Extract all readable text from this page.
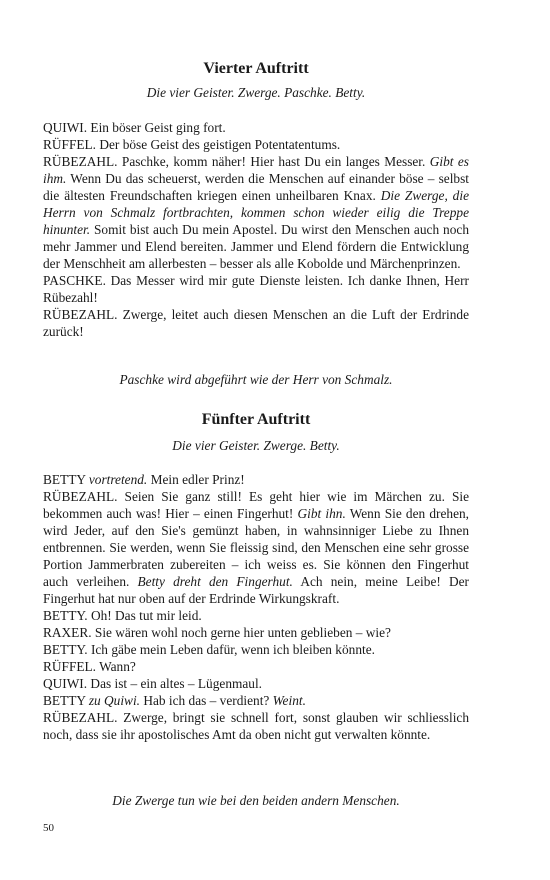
Vierter Auftritt
Die vier Geister. Zwerge. Paschke. Betty.

QUIWI. Ein böser Geist ging fort.

RÜFFEL. Der böse Geist des geistigen Potentatentums.

RÜBEZAHL. Paschke, komm näher! Hier hast Du ein langes Messer. Gibt es ihm. Wenn Du das scheuerst, werden die Menschen auf einander böse – selbst die ältesten Freundschaften kriegen einen unheilbaren Knax. Die Zwerge, die Herrn von Schmalz fortbrachten, kommen schon wieder eilig die Treppe hinunter. Somit bist auch Du mein Apostel. Du wirst den Menschen auch noch mehr Jammer und Elend bereiten. Jammer und Elend fördern die Entwicklung der Menschheit am allerbesten – besser als alle Kobolde und Märchenprinzen.

PASCHKE. Das Messer wird mir gute Dienste leisten. Ich danke Ihnen, Herr Rübezahl!

RÜBEZAHL. Zwerge, leitet auch diesen Menschen an die Luft der Erdrinde zurück!

Paschke wird abgeführt wie der Herr von Schmalz.
Fünfter Auftritt
Die vier Geister. Zwerge. Betty.

BETTY vortretend. Mein edler Prinz!

RÜBEZAHL. Seien Sie ganz still! Es geht hier wie im Märchen zu. Sie bekommen auch was! Hier – einen Fingerhut! Gibt ihn. Wenn Sie den drehen, wird Jeder, auf den Sie's gemünzt haben, in wahnsinniger Liebe zu Ihnen entbrennen. Sie werden, wenn Sie fleissig sind, den Menschen eine sehr grosse Portion Jammerbraten zubereiten – ich weiss es. Sie können den Fingerhut auch verleihen. Betty dreht den Fingerhut. Ach nein, meine Leibe! Der Fingerhut hat nur oben auf der Erdrinde Wirkungskraft.

BETTY. Oh! Das tut mir leid.

RAXER. Sie wären wohl noch gerne hier unten geblieben – wie?

BETTY. Ich gäbe mein Leben dafür, wenn ich bleiben könnte.

RÜFFEL. Wann?

QUIWI. Das ist – ein altes – Lügenmaul.

BETTY zu Quiwi. Hab ich das – verdient? Weint.

RÜBEZAHL. Zwerge, bringt sie schnell fort, sonst glauben wir schliesslich noch, dass sie ihr apostolisches Amt da oben nicht gut verwalten könnte.

Die Zwerge tun wie bei den beiden andern Menschen.
50
